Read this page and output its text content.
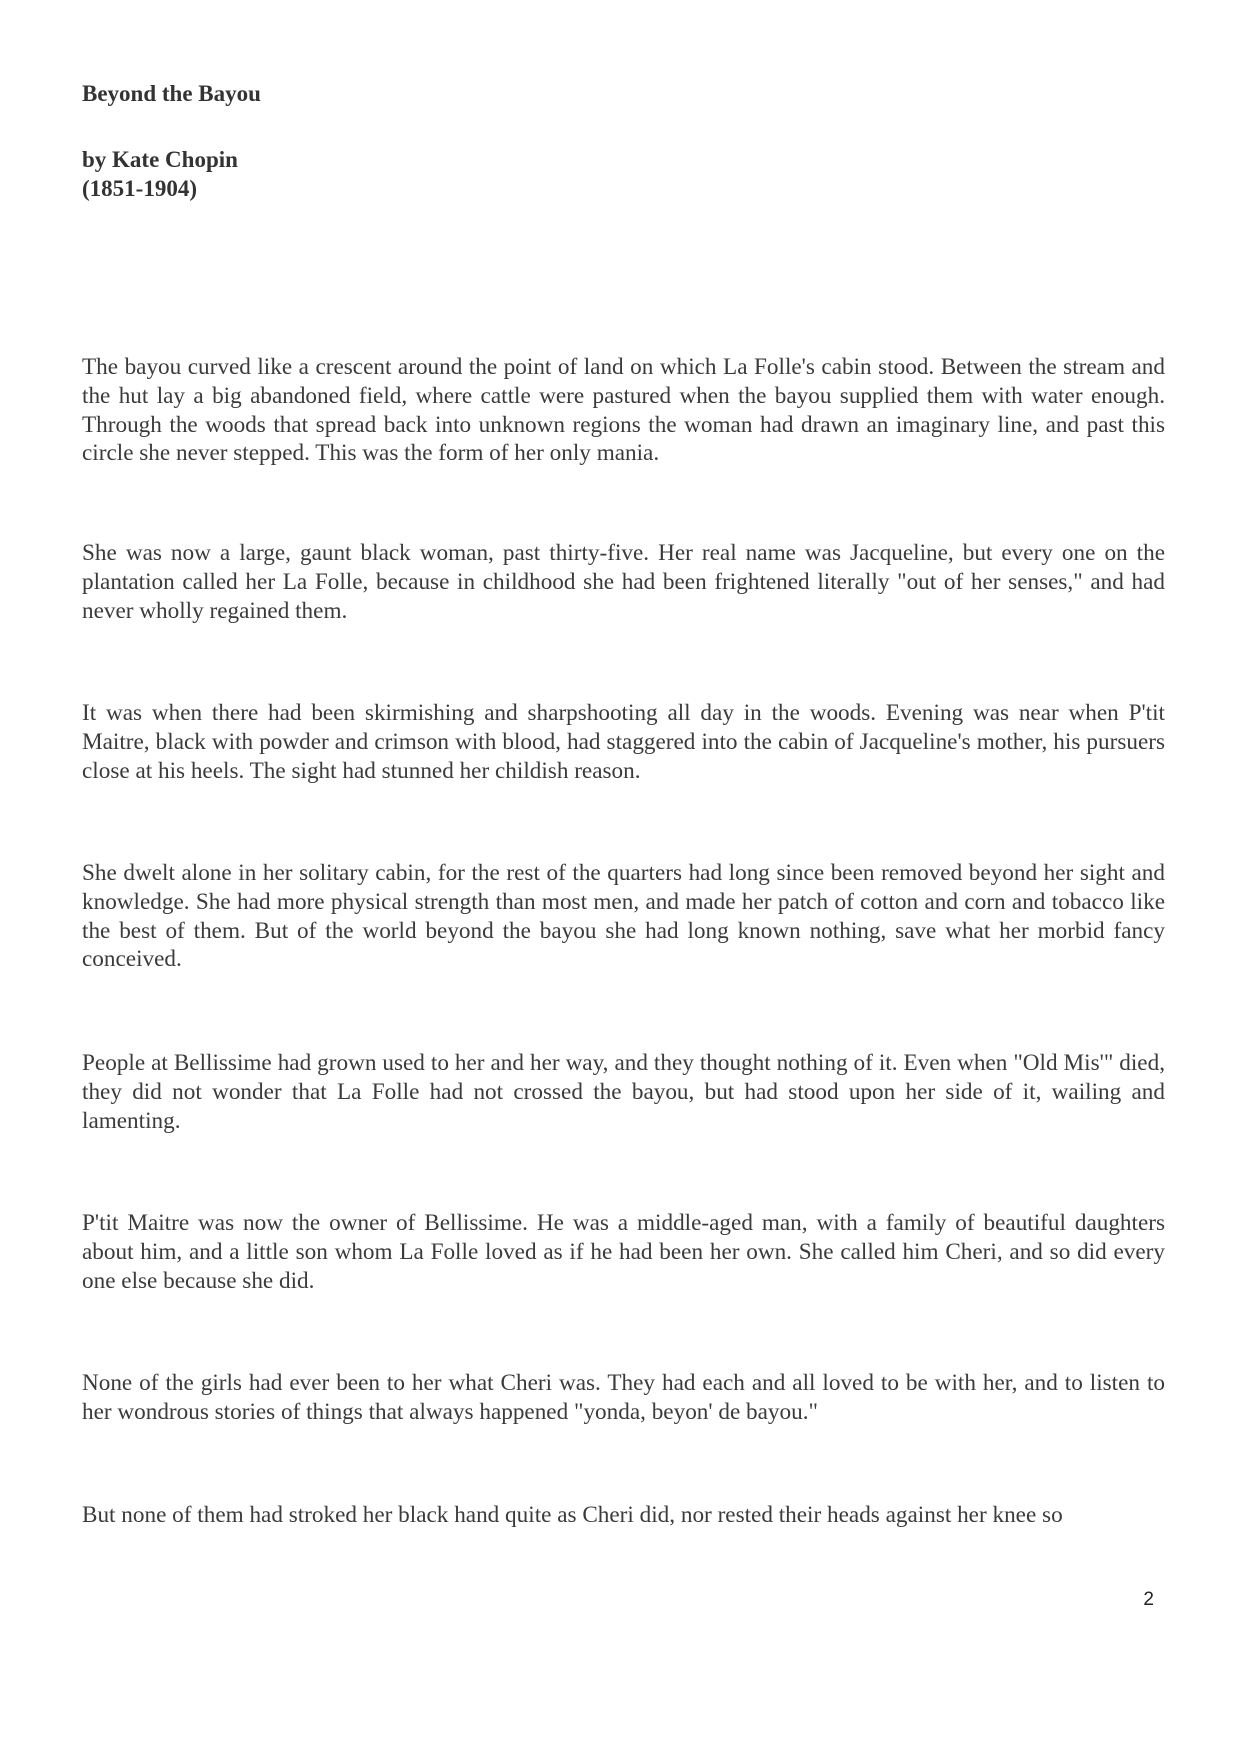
Beyond the Bayou
by Kate Chopin
(1851-1904)

The bayou curved like a crescent around the point of land on which La Folle's cabin stood. Between the stream and the hut lay a big abandoned field, where cattle were pastured when the bayou supplied them with water enough. Through the woods that spread back into unknown regions the woman had drawn an imaginary line, and past this circle she never stepped. This was the form of her only mania.

She was now a large, gaunt black woman, past thirty-five. Her real name was Jacqueline, but every one on the plantation called her La Folle, because in childhood she had been frightened literally "out of her senses," and had never wholly regained them.

It was when there had been skirmishing and sharpshooting all day in the woods. Evening was near when P'tit Maitre, black with powder and crimson with blood, had staggered into the cabin of Jacqueline's mother, his pursuers close at his heels. The sight had stunned her childish reason.

She dwelt alone in her solitary cabin, for the rest of the quarters had long since been removed beyond her sight and knowledge. She had more physical strength than most men, and made her patch of cotton and corn and tobacco like the best of them. But of the world beyond the bayou she had long known nothing, save what her morbid fancy conceived.

People at Bellissime had grown used to her and her way, and they thought nothing of it. Even when "Old Mis'" died, they did not wonder that La Folle had not crossed the bayou, but had stood upon her side of it, wailing and lamenting.

P'tit Maitre was now the owner of Bellissime. He was a middle-aged man, with a family of beautiful daughters about him, and a little son whom La Folle loved as if he had been her own. She called him Cheri, and so did every one else because she did.

None of the girls had ever been to her what Cheri was. They had each and all loved to be with her, and to listen to her wondrous stories of things that always happened "yonda, beyon' de bayou."

But none of them had stroked her black hand quite as Cheri did, nor rested their heads against her knee so

2
